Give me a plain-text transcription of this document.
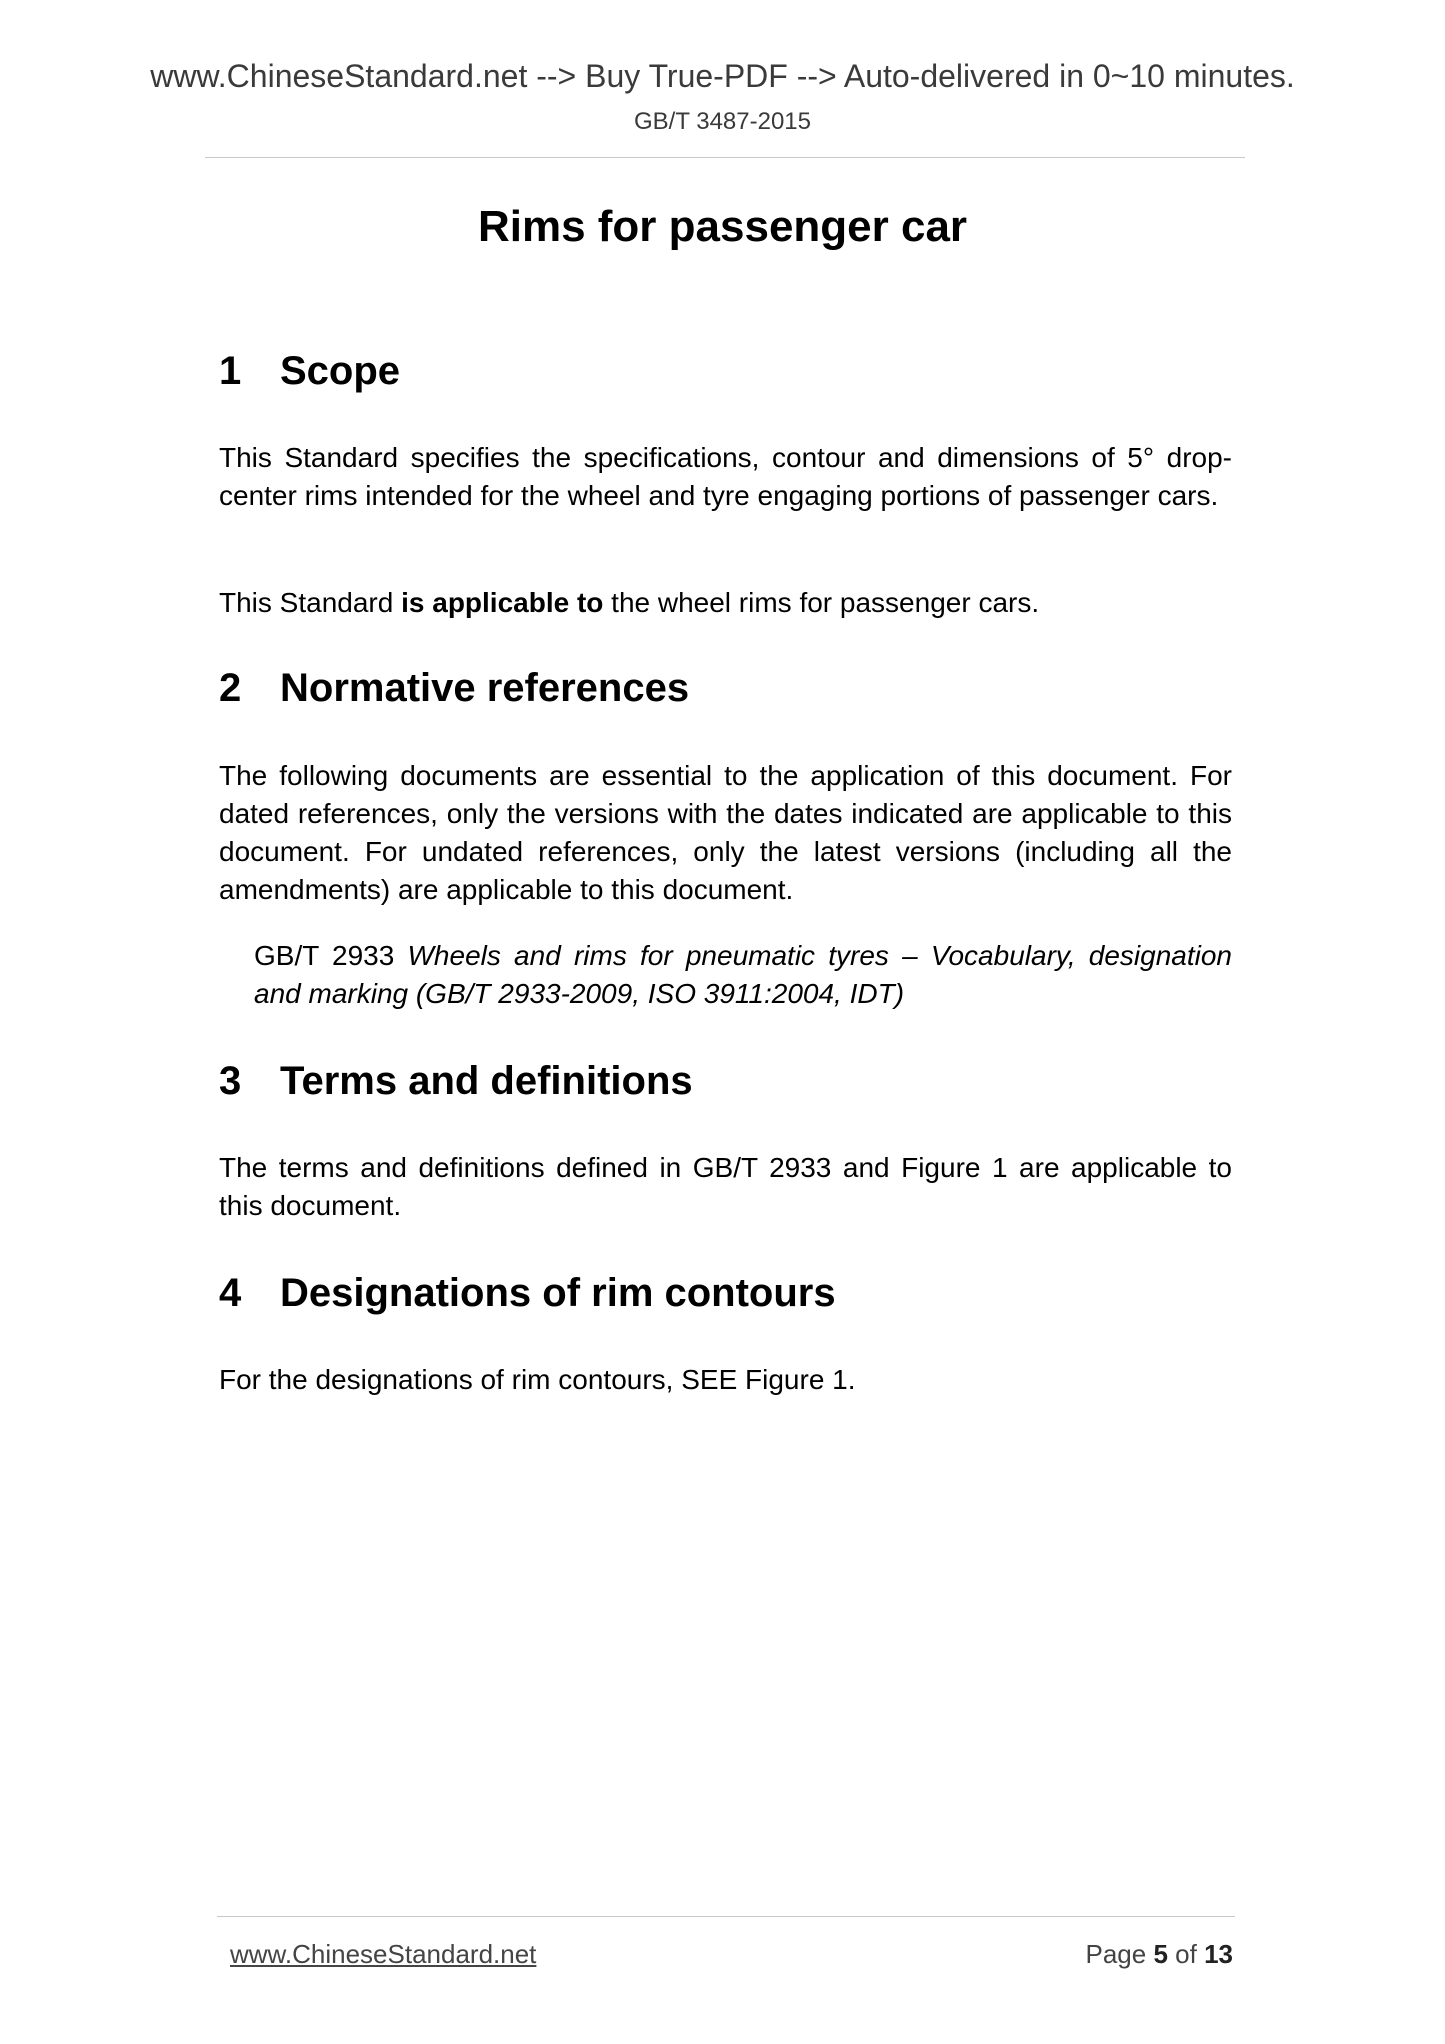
www.ChineseStandard.net --> Buy True-PDF --> Auto-delivered in 0~10 minutes.
GB/T 3487-2015
Rims for passenger car
1 Scope
This Standard specifies the specifications, contour and dimensions of 5° drop-center rims intended for the wheel and tyre engaging portions of passenger cars.
This Standard is applicable to the wheel rims for passenger cars.
2 Normative references
The following documents are essential to the application of this document. For dated references, only the versions with the dates indicated are applicable to this document. For undated references, only the latest versions (including all the amendments) are applicable to this document.
GB/T 2933 Wheels and rims for pneumatic tyres – Vocabulary, designation and marking (GB/T 2933-2009, ISO 3911:2004, IDT)
3 Terms and definitions
The terms and definitions defined in GB/T 2933 and Figure 1 are applicable to this document.
4 Designations of rim contours
For the designations of rim contours, SEE Figure 1.
www.ChineseStandard.net	Page 5 of 13
